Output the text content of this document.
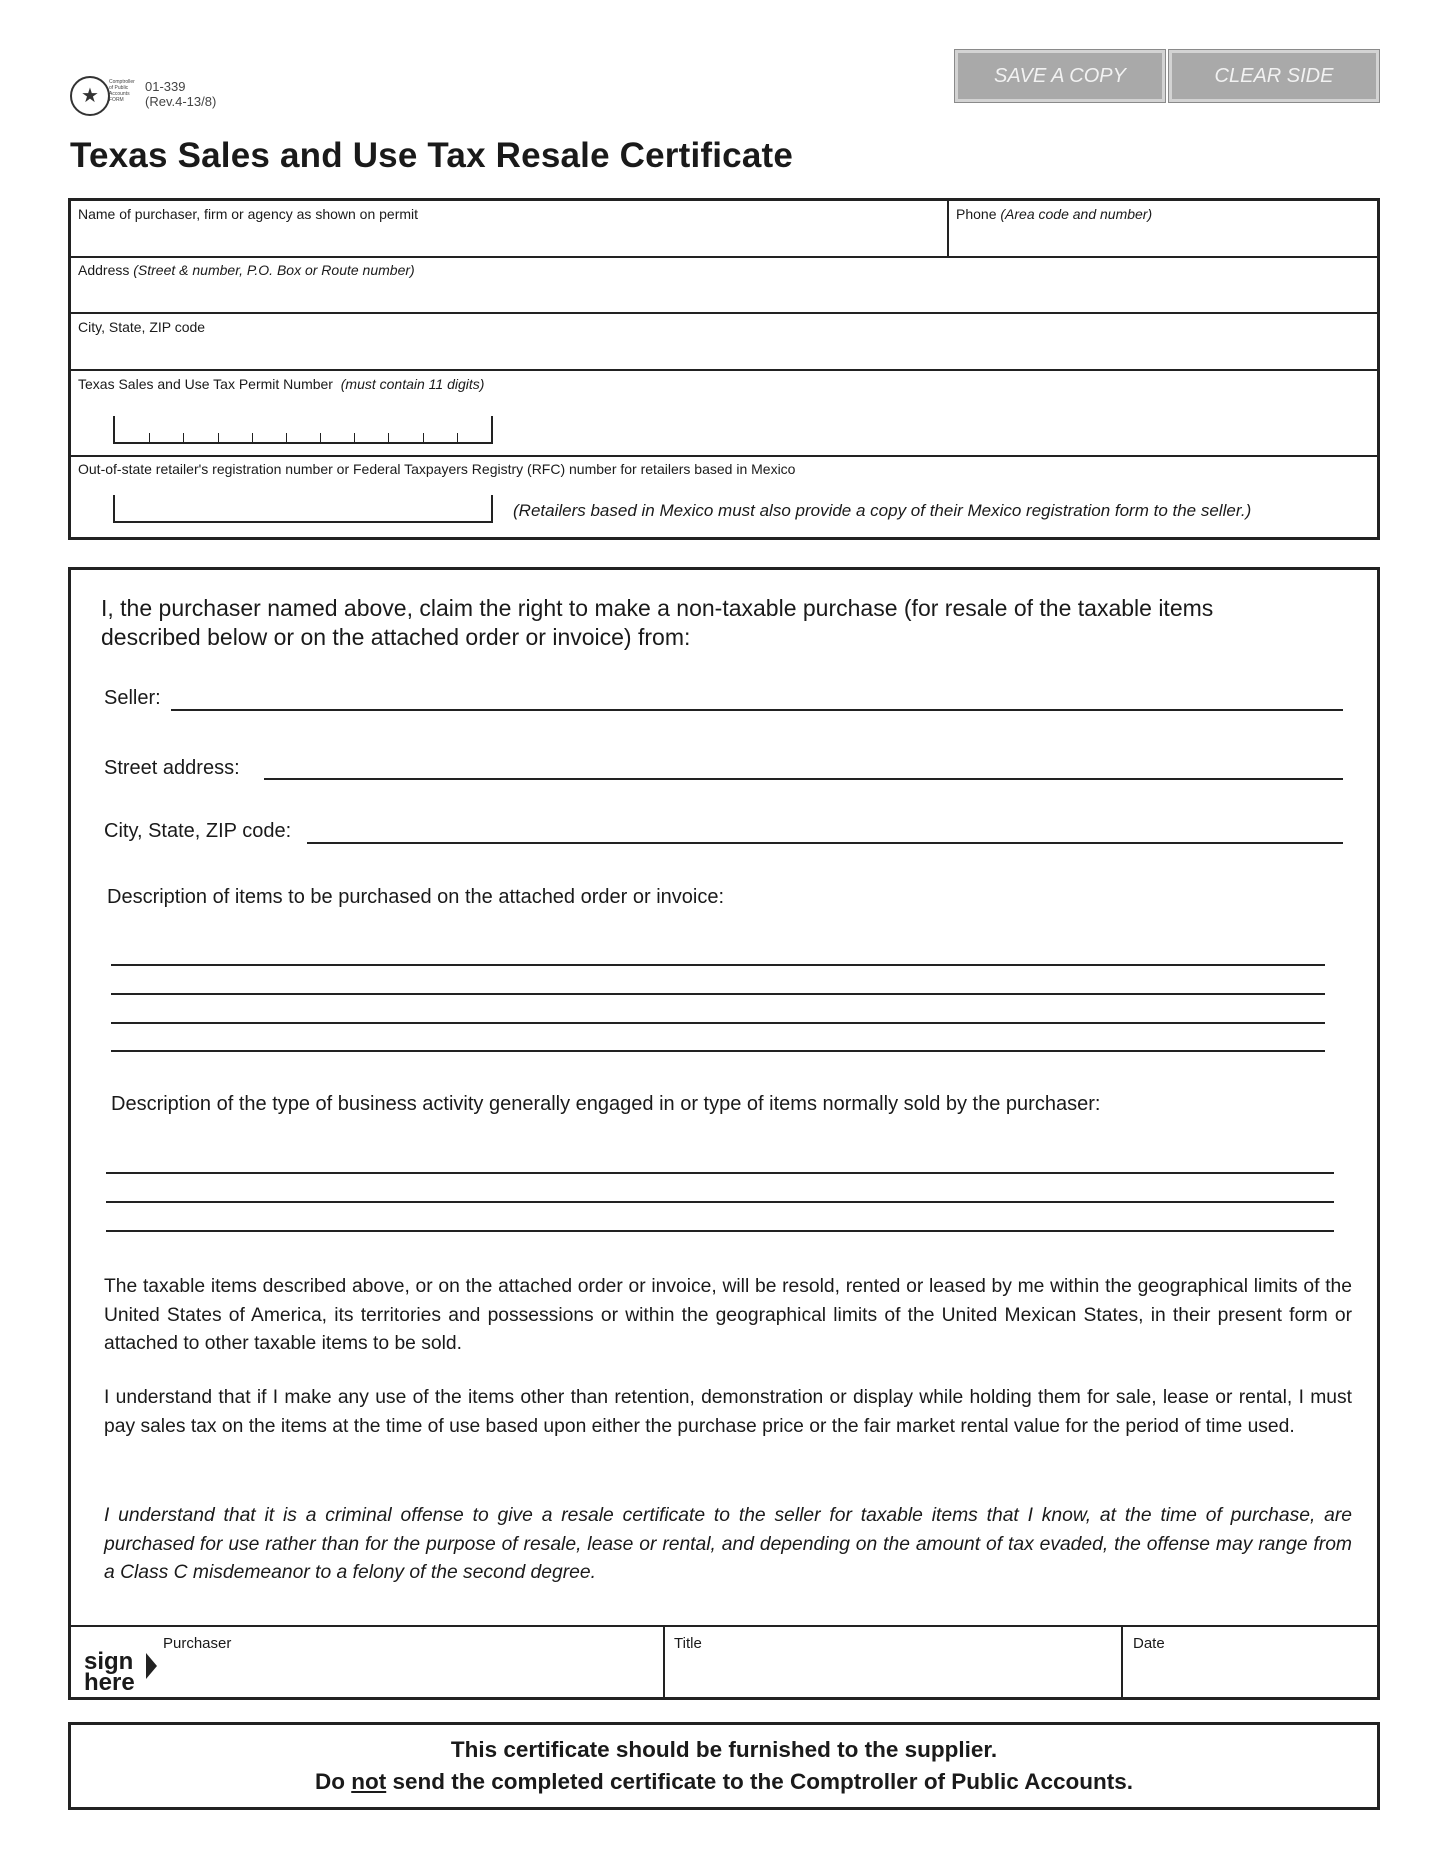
★
Comptroller
of Public
Accounts
FORM
01-339
(Rev.4-13/8)
SAVE A COPY	CLEAR SIDE
Texas Sales and Use Tax Resale Certificate
Name of purchaser, firm or agency as shown on permit	Phone (Area code and number)
Address (Street & number, P.O. Box or Route number)
City, State, ZIP code
Texas Sales and Use Tax Permit Number (must contain 11 digits)
Out-of-state retailer's registration number or Federal Taxpayers Registry (RFC) number for retailers based in Mexico
(Retailers based in Mexico must also provide a copy of their Mexico registration form to the seller.)
I, the purchaser named above, claim the right to make a non-taxable purchase (for resale of the taxable items described below or on the attached order or invoice) from:
Seller:
Street address:
City, State, ZIP code:
Description of items to be purchased on the attached order or invoice:
Description of the type of business activity generally engaged in or type of items normally sold by the purchaser:
The taxable items described above, or on the attached order or invoice, will be resold, rented or leased by me within the geographical limits of the United States of America, its territories and possessions or within the geographical limits of the United Mexican States, in their present form or attached to other taxable items to be sold.
I understand that if I make any use of the items other than retention, demonstration or display while holding them for sale, lease or rental, I must pay sales tax on the items at the time of use based upon either the purchase price or the fair market rental value for the period of time used.
I understand that it is a criminal offense to give a resale certificate to the seller for taxable items that I know, at the time of purchase, are purchased for use rather than for the purpose of resale, lease or rental, and depending on the amount of tax evaded, the offense may range from a Class C misdemeanor to a felony of the second degree.
sign
here
Purchaser	Title	Date
This certificate should be furnished to the supplier.
Do not send the completed certificate to the Comptroller of Public Accounts.
